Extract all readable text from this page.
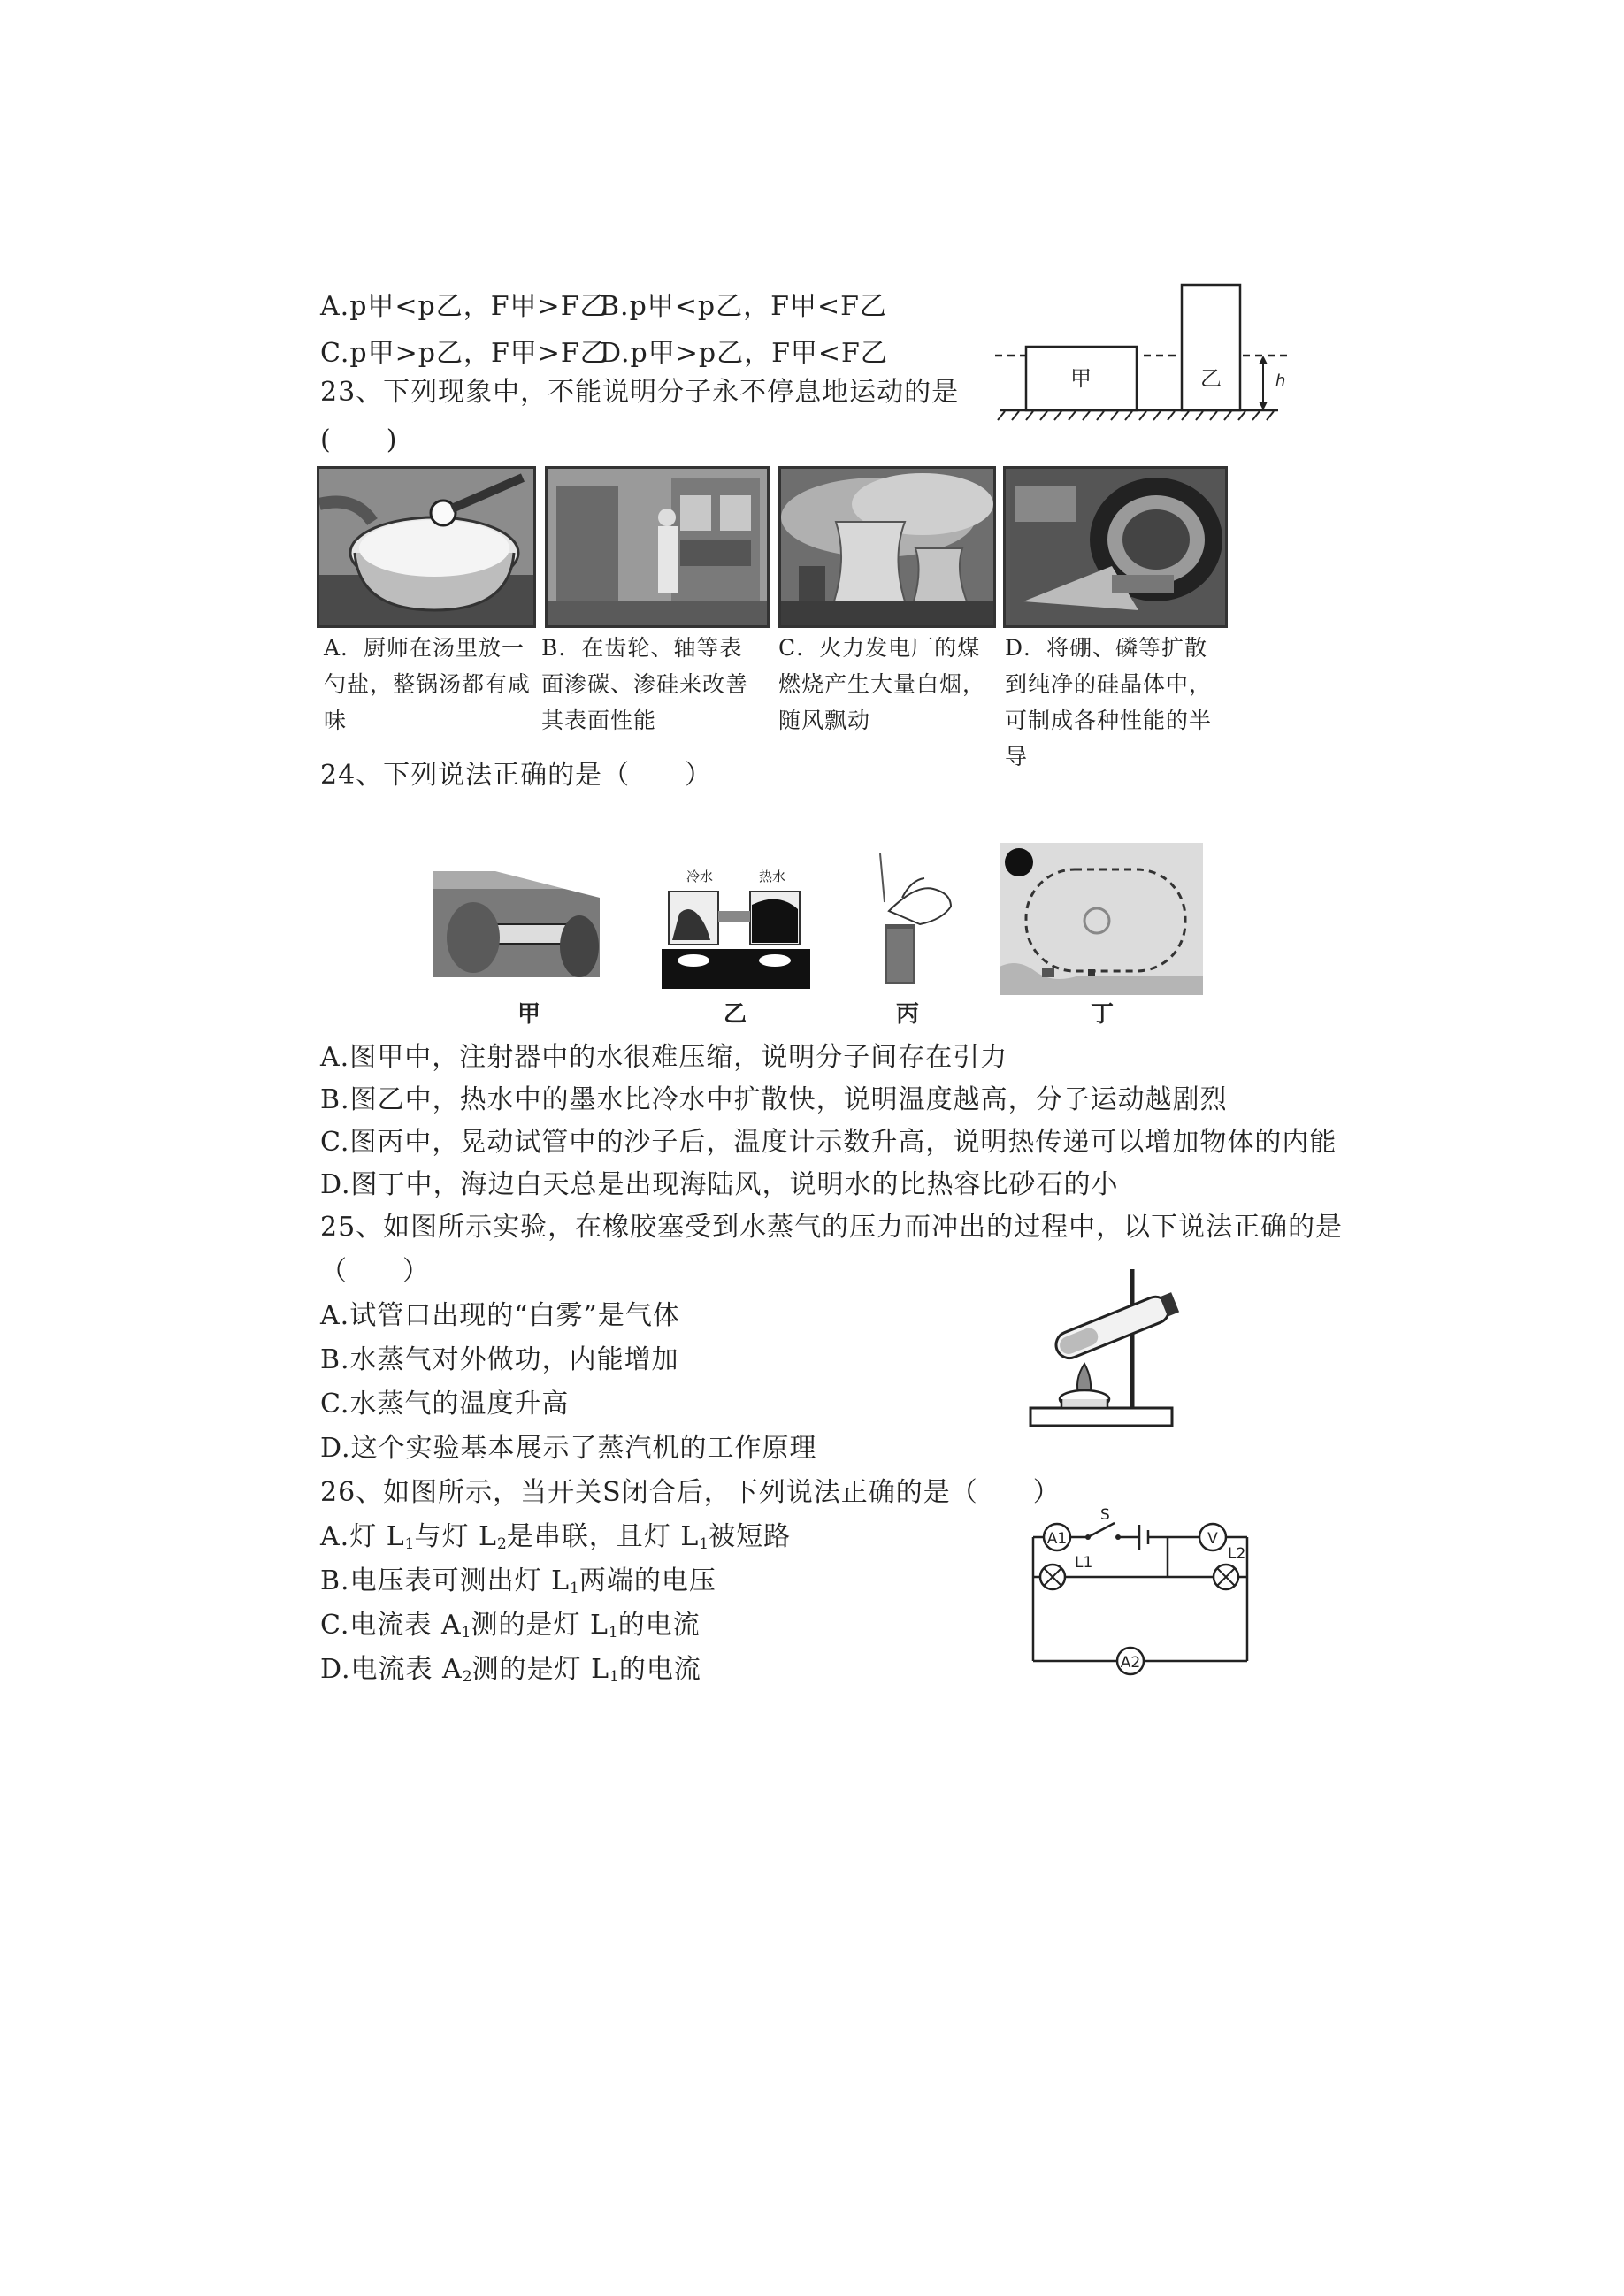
A.p甲<p乙，F甲>F乙
B.p甲<p乙，F甲<F乙
C.p甲>p乙，F甲>F乙
D.p甲>p乙，F甲<F乙
甲	乙	h
23、下列现象中，不能说明分子永不停息地运动的是
(　　)
A．厨师在汤里放一勺盐，整锅汤都有咸味
B．在齿轮、轴等表面渗碳、渗硅来改善其表面性能
C．火力发电厂的煤燃烧产生大量白烟，随风飘动
D．将硼、磷等扩散到纯净的硅晶体中，可制成各种性能的半导
24、下列说法正确的是（　　）
冷水	热水
甲	乙	丙	丁
A.图甲中，注射器中的水很难压缩，说明分子间存在引力
B.图乙中，热水中的墨水比冷水中扩散快，说明温度越高，分子运动越剧烈
C.图丙中，晃动试管中的沙子后，温度计示数升高，说明热传递可以增加物体的内能
D.图丁中，海边白天总是出现海陆风，说明水的比热容比砂石的小
25、如图所示实验，在橡胶塞受到水蒸气的压力而冲出的过程中，以下说法正确的是
（　　）
A.试管口出现的“白雾”是气体
B.水蒸气对外做功，内能增加
C.水蒸气的温度升高
D.这个实验基本展示了蒸汽机的工作原理
26、如图所示，当开关S闭合后，下列说法正确的是（　　）
A.灯 $L_1$与灯 $L_2$是串联，且灯 $L_1$被短路
B.电压表可测出灯 $L_1$两端的电压
C.电流表 $A_1$测的是灯 $L_1$的电流
D.电流表 $A_2$测的是灯 $L_1$的电流
A1
S
V
L1	L2
A2
